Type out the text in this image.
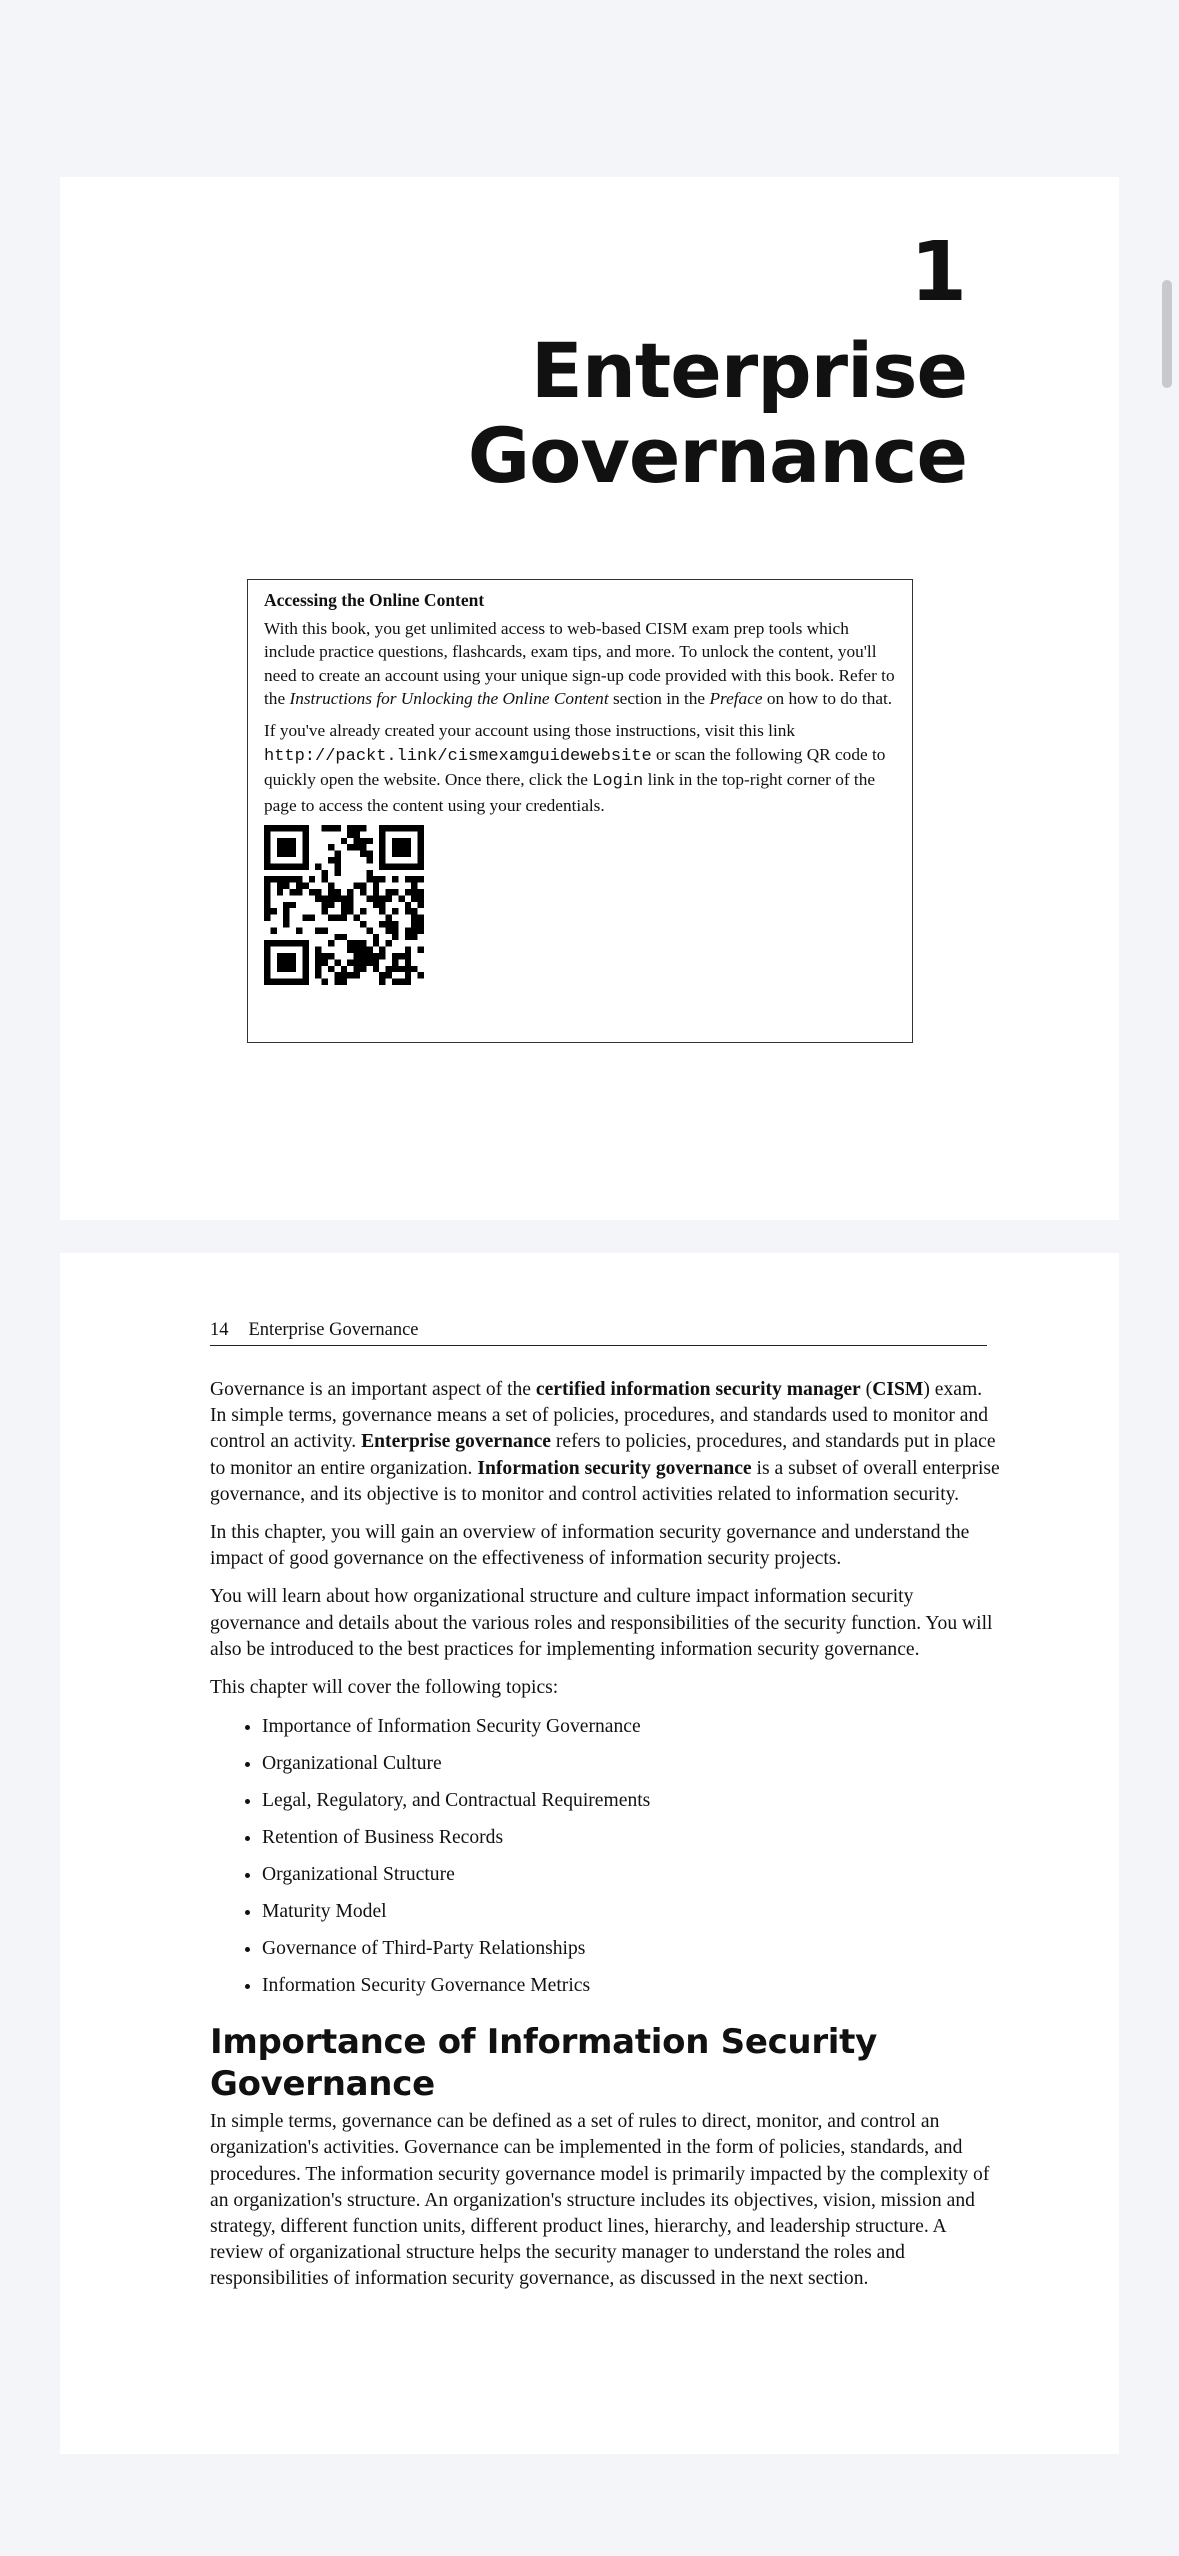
1
Enterprise
Governance
Accessing the Online Content

With this book, you get unlimited access to web-based CISM exam prep tools which include practice questions, flashcards, exam tips, and more. To unlock the content, you'll need to create an account using your unique sign-up code provided with this book. Refer to the Instructions for Unlocking the Online Content section in the Preface on how to do that.

If you've already created your account using those instructions, visit this link http://packt.link/cismexamguidewebsite or scan the following QR code to quickly open the website. Once there, click the Login link in the top-right corner of the page to access the content using your credentials.

14 Enterprise Governance

Governance is an important aspect of the certified information security manager (CISM) exam. In simple terms, governance means a set of policies, procedures, and standards used to monitor and control an activity. Enterprise governance refers to policies, procedures, and standards put in place to monitor an entire organization. Information security governance is a subset of overall enterprise governance, and its objective is to monitor and control activities related to information security.

In this chapter, you will gain an overview of information security governance and understand the impact of good governance on the effectiveness of information security projects.

You will learn about how organizational structure and culture impact information security governance and details about the various roles and responsibilities of the security function. You will also be introduced to the best practices for implementing information security governance.

This chapter will cover the following topics:

• Importance of Information Security Governance
• Organizational Culture
• Legal, Regulatory, and Contractual Requirements
• Retention of Business Records
• Organizational Structure
• Maturity Model
• Governance of Third-Party Relationships
• Information Security Governance Metrics
Importance of Information Security Governance

In simple terms, governance can be defined as a set of rules to direct, monitor, and control an organization's activities. Governance can be implemented in the form of policies, standards, and procedures. The information security governance model is primarily impacted by the complexity of an organization's structure. An organization's structure includes its objectives, vision, mission and strategy, different function units, different product lines, hierarchy, and leadership structure. A review of organizational structure helps the security manager to understand the roles and responsibilities of information security governance, as discussed in the next section.
